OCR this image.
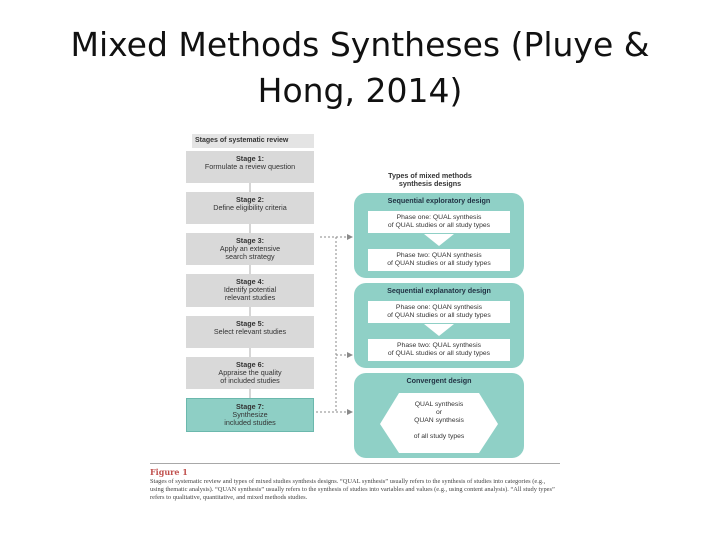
Mixed Methods Syntheses (Pluye &
Hong, 2014)
Stages of systematic review
Stage 1:
Formulate a review question
Stage 2:
Define eligibility criteria
Stage 3:
Apply an extensive
search strategy
Stage 4:
Identify potential
relevant studies
Stage 5:
Select relevant studies
Stage 6:
Appraise the quality
of included studies
Stage 7:
Synthesize
included studies
Types of mixed methods
synthesis designs
Sequential exploratory design
Phase one: QUAL synthesis
of QUAL studies or all study types
Phase two: QUAN synthesis
of QUAN studies or all study types
Sequential explanatory design
Phase one: QUAN synthesis
of QUAN studies or all study types
Phase two: QUAL synthesis
of QUAL studies or all study types
Convergent design
QUAL synthesis
or
QUAN synthesis
of all study types
Figure 1
Stages of systematic review and types of mixed studies synthesis designs. “QUAL synthesis” usually refers to the synthesis of studies into categories (e.g., using thematic analysis). “QUAN synthesis” usually refers to the synthesis of studies into variables and values (e.g., using content analysis). “All study types” refers to qualitative, quantitative, and mixed methods studies.
